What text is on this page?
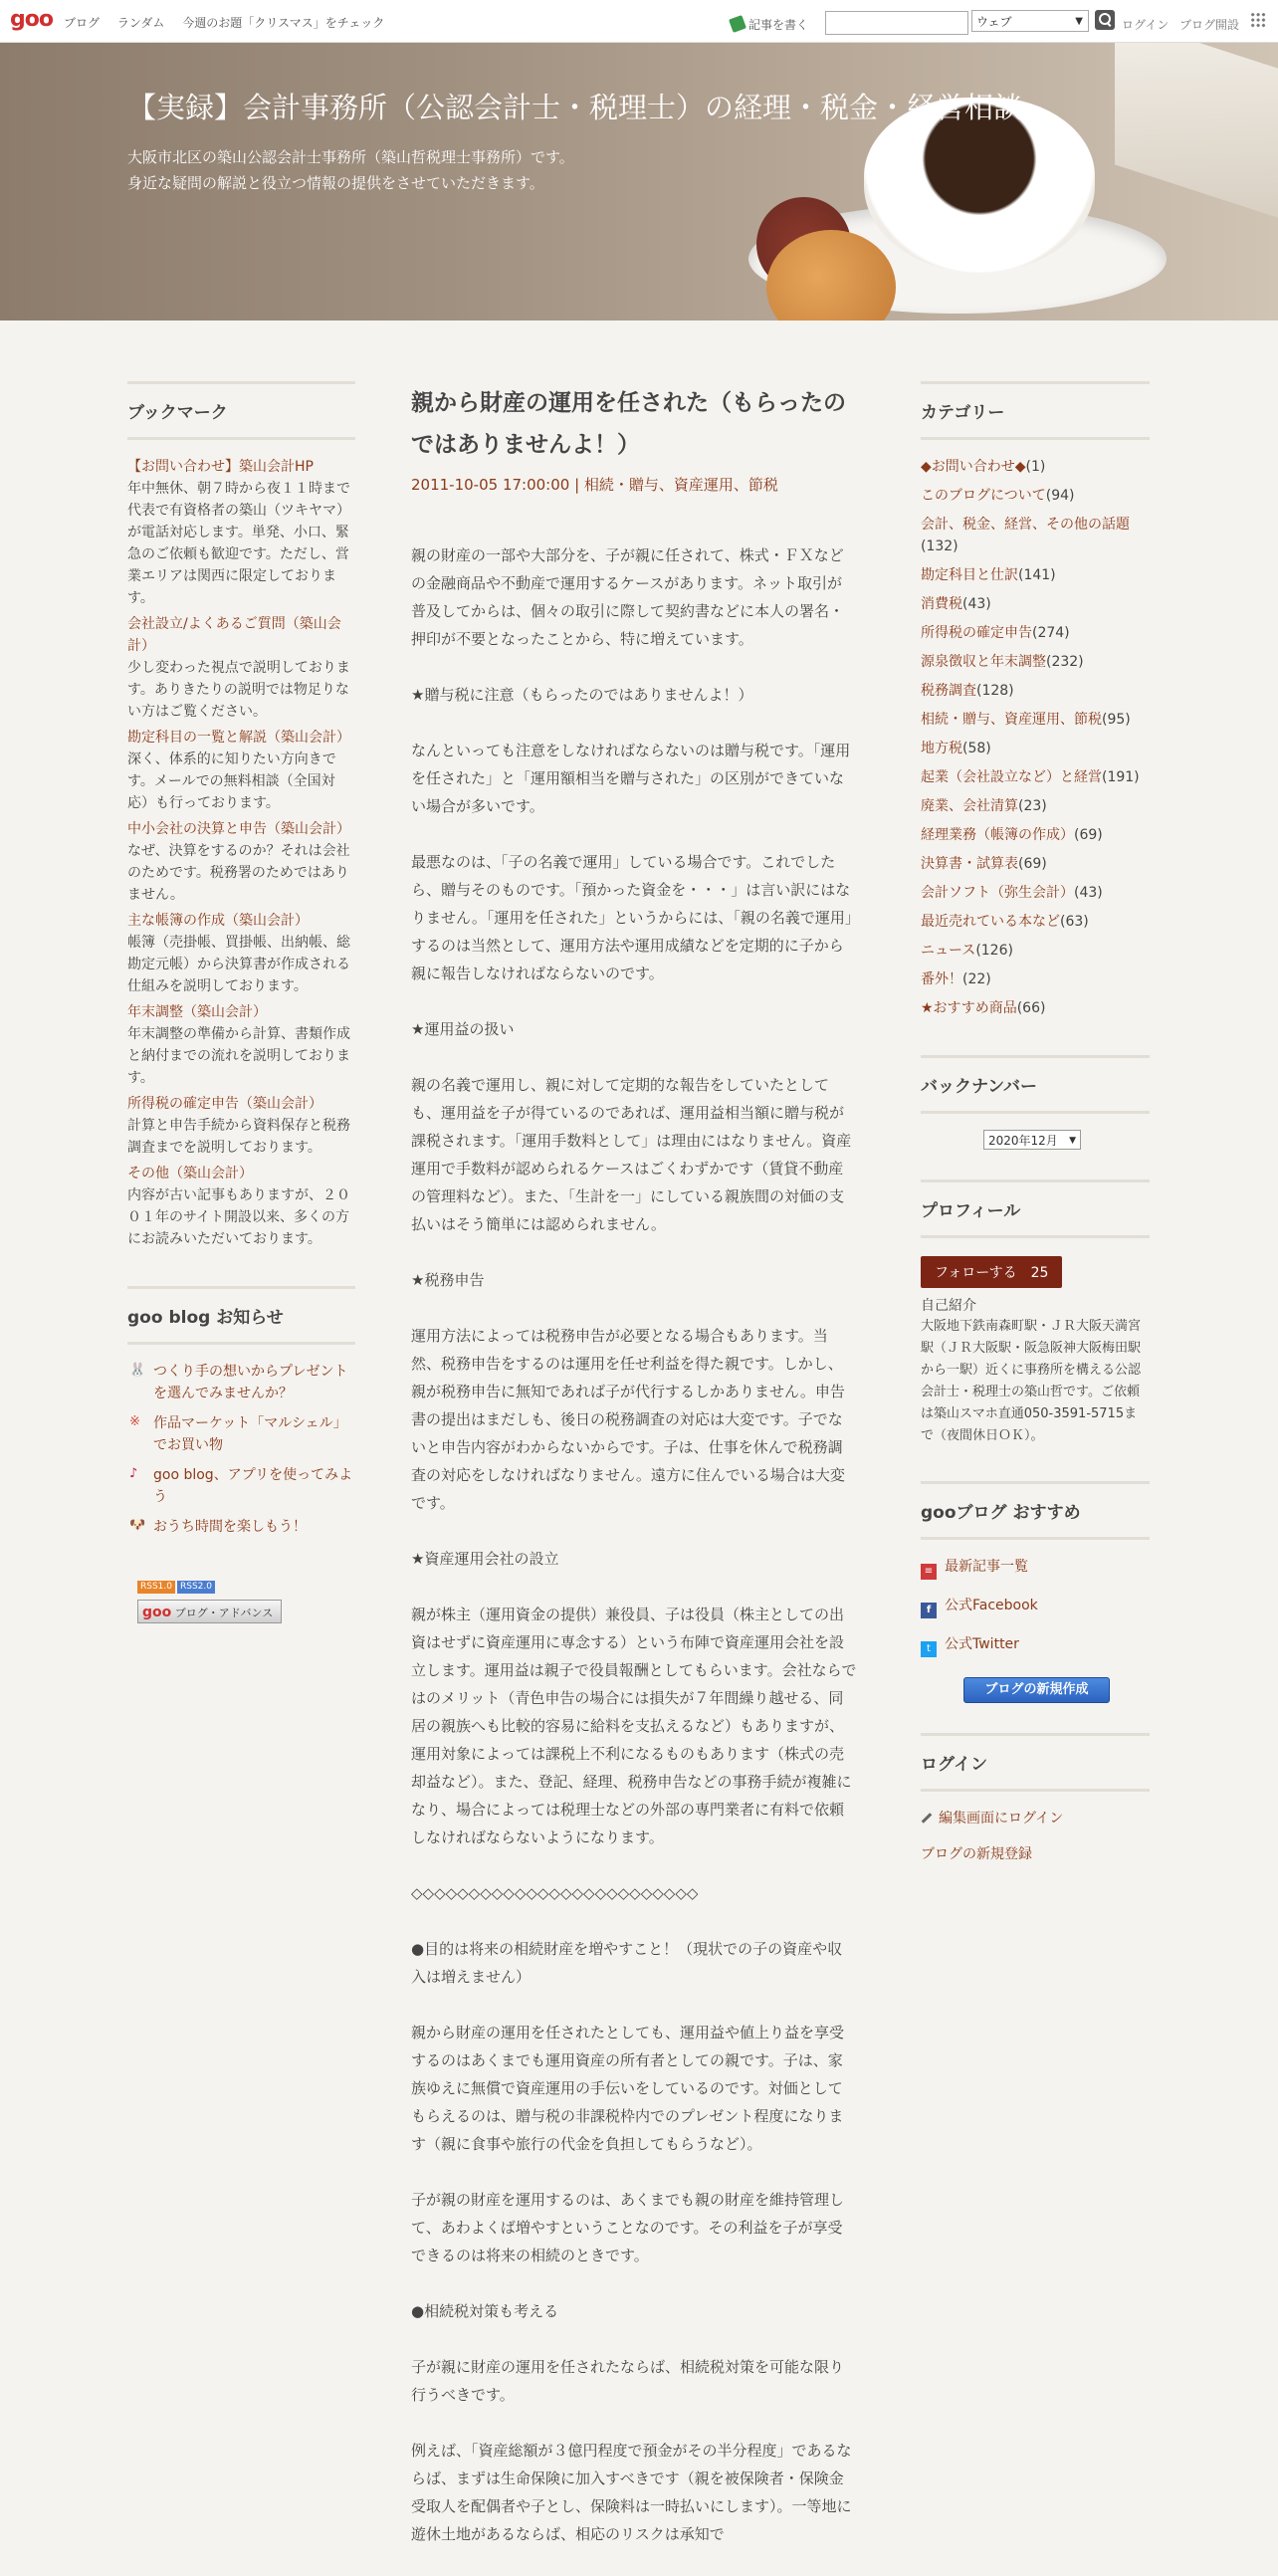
goo ブログ ランダム 今週のお題「クリスマス」をチェック	記事を書く	ウェブ	▼	ログイン ブログ開設
【実録】会計事務所（公認会計士・税理士）の経理・税金・経営相談
大阪市北区の築山公認会計士事務所（築山哲税理士事務所）です。
身近な疑問の解説と役立つ情報の提供をさせていただきます。
ブックマーク
【お問い合わせ】築山会計HP
年中無休、朝７時から夜１１時まで代表で有資格者の築山（ツキヤマ）が電話対応します。単発、小口、緊急のご依頼も歓迎です。ただし、営業エリアは関西に限定しております。
会社設立/よくあるご質問（築山会計）
少し変わった視点で説明しております。ありきたりの説明では物足りない方はご覧ください。
勘定科目の一覧と解説（築山会計）
深く、体系的に知りたい方向きです。メールでの無料相談（全国対応）も行っております。
中小会社の決算と申告（築山会計）
なぜ、決算をするのか？それは会社のためです。税務署のためではありません。
主な帳簿の作成（築山会計）
帳簿（売掛帳、買掛帳、出納帳、総勘定元帳）から決算書が作成される仕組みを説明しております。
年末調整（築山会計）
年末調整の準備から計算、書類作成と納付までの流れを説明しております。
所得税の確定申告（築山会計）
計算と申告手続から資料保存と税務調査までを説明しております。
その他（築山会計）
内容が古い記事もありますが、２００１年のサイト開設以来、多くの方にお読みいただいております。
goo blog お知らせ
🐰 つくり手の想いからプレゼントを選んでみませんか？
※ 作品マーケット「マルシェル」でお買い物
♪	goo blog、アプリを使ってみよう
🐶 おうち時間を楽しもう！
RSS1.0 RSS2.0
goo ブログ・アドバンス
親から財産の運用を任された（もらったのではありませんよ！）
2011-10-05 17:00:00 | 相続・贈与、資産運用、節税

親の財産の一部や大部分を、子が親に任されて、株式・ＦＸなどの金融商品や不動産で運用するケースがあります。ネット取引が普及してからは、個々の取引に際して契約書などに本人の署名・押印が不要となったことから、特に増えています。

★贈与税に注意（もらったのではありませんよ！）

なんといっても注意をしなければならないのは贈与税です。「運用を任された」と「運用額相当を贈与された」の区別ができていない場合が多いです。

最悪なのは、「子の名義で運用」している場合です。これでしたら、贈与そのものです。「預かった資金を・・・」は言い訳にはなりません。「運用を任された」というからには、「親の名義で運用」するのは当然として、運用方法や運用成績などを定期的に子から親に報告しなければならないのです。

★運用益の扱い

親の名義で運用し、親に対して定期的な報告をしていたとしても、運用益を子が得ているのであれば、運用益相当額に贈与税が課税されます。「運用手数料として」は理由にはなりません。資産運用で手数料が認められるケースはごくわずかです（賃貸不動産の管理料など）。また、「生計を一」にしている親族間の対価の支払いはそう簡単には認められません。

★税務申告

運用方法によっては税務申告が必要となる場合もあります。当然、税務申告をするのは運用を任せ利益を得た親です。しかし、親が税務申告に無知であれば子が代行するしかありません。申告書の提出はまだしも、後日の税務調査の対応は大変です。子でないと申告内容がわからないからです。子は、仕事を休んで税務調査の対応をしなければなりません。遠方に住んでいる場合は大変です。

★資産運用会社の設立

親が株主（運用資金の提供）兼役員、子は役員（株主としての出資はせずに資産運用に専念する）という布陣で資産運用会社を設立します。運用益は親子で役員報酬としてもらいます。会社ならではのメリット（青色申告の場合には損失が７年間繰り越せる、同居の親族へも比較的容易に給料を支払えるなど）もありますが、運用対象によっては課税上不利になるものもあります（株式の売却益など）。また、登記、経理、税務申告などの事務手続が複雑になり、場合によっては税理士などの外部の専門業者に有料で依頼しなければならないようになります。

◇◇◇◇◇◇◇◇◇◇◇◇◇◇◇◇◇◇◇◇◇◇◇◇◇

●目的は将来の相続財産を増やすこと！（現状での子の資産や収入は増えません）

親から財産の運用を任されたとしても、運用益や値上り益を享受するのはあくまでも運用資産の所有者としての親です。子は、家族ゆえに無償で資産運用の手伝いをしているのです。対価としてもらえるのは、贈与税の非課税枠内でのプレゼント程度になります（親に食事や旅行の代金を負担してもらうなど）。

子が親の財産を運用するのは、あくまでも親の財産を維持管理して、あわよくば増やすということなのです。その利益を子が享受できるのは将来の相続のときです。

●相続税対策も考える

子が親に財産の運用を任されたならば、相続税対策を可能な限り行うべきです。

例えば、「資産総額が３億円程度で預金がその半分程度」であるならば、まずは生命保険に加入すべきです（親を被保険者・保険金受取人を配偶者や子とし、保険料は一時払いにします）。一等地に遊休土地があるならば、相応のリスクは承知で

カテゴリー
◆お問い合わせ◆(1)
このブログについて(94)
会計、税金、経営、その他の話題(132)
勘定科目と仕訳(141)
消費税(43)
所得税の確定申告(274)
源泉徴収と年末調整(232)
税務調査(128)
相続・贈与、資産運用、節税(95)
地方税(58)
起業（会社設立など）と経営(191)
廃業、会社清算(23)
経理業務（帳簿の作成）(69)
決算書・試算表(69)
会計ソフト（弥生会計）(43)
最近売れている本など(63)
ニュース(126)
番外！(22)
★おすすめ商品(66)
バックナンバー
2020年12月 ▼
プロフィール
フォローする 25
自己紹介
大阪地下鉄南森町駅・ＪＲ大阪天満宮駅（ＪＲ大阪駅・阪急阪神大阪梅田駅から一駅）近くに事務所を構える公認会計士・税理士の築山哲です。ご依頼は築山スマホ直通050-3591-5715まで（夜間休日ＯＫ）。
gooブログ おすすめ
≡ 最新記事一覧
f 公式Facebook
t 公式Twitter
ブログの新規作成
ログイン
編集画面にログイン
ブログの新規登録
